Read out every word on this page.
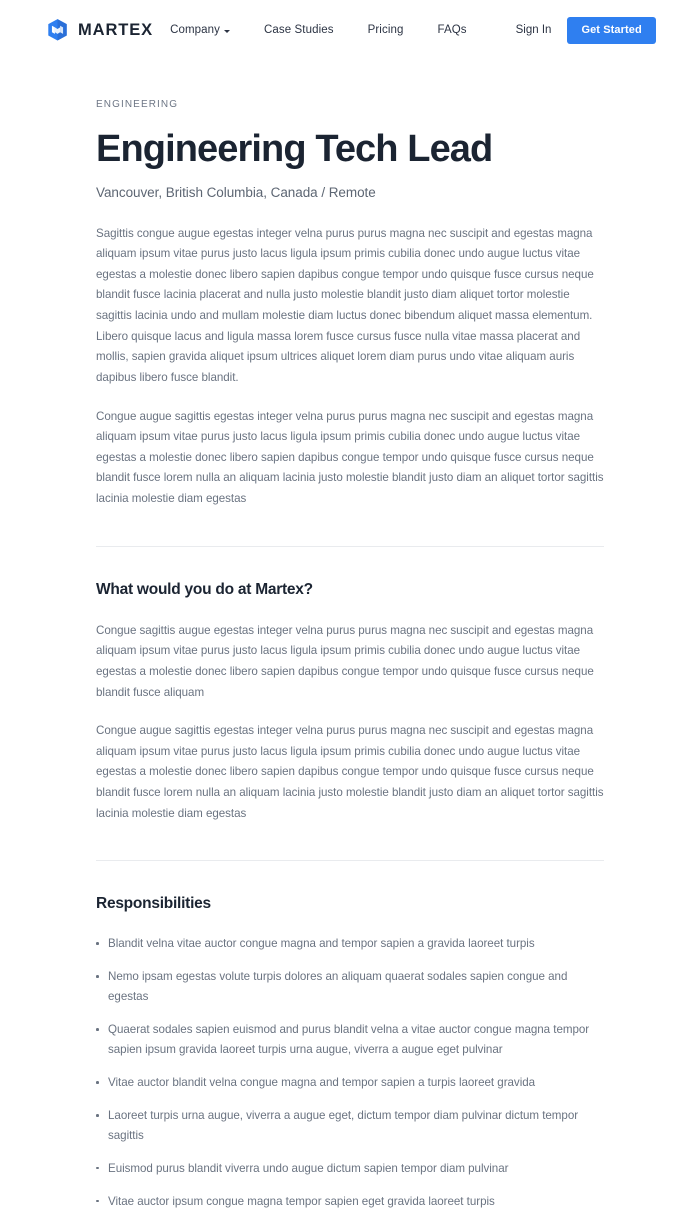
MARTEX Company	Case Studies	Pricing	FAQs	Sign In	Get Started
ENGINEERING
Engineering Tech Lead
Vancouver, British Columbia, Canada / Remote

Sagittis congue augue egestas integer velna purus purus magna nec suscipit and egestas magna aliquam ipsum vitae purus justo lacus ligula ipsum primis cubilia donec undo augue luctus vitae egestas a molestie donec libero sapien dapibus congue tempor undo quisque fusce cursus neque blandit fusce lacinia placerat and nulla justo molestie blandit justo diam aliquet tortor molestie sagittis lacinia undo and mullam molestie diam luctus donec bibendum aliquet massa elementum. Libero quisque lacus and ligula massa lorem fusce cursus fusce nulla vitae massa placerat and mollis, sapien gravida aliquet ipsum ultrices aliquet lorem diam purus undo vitae aliquam auris dapibus libero fusce blandit.

Congue augue sagittis egestas integer velna purus purus magna nec suscipit and egestas magna aliquam ipsum vitae purus justo lacus ligula ipsum primis cubilia donec undo augue luctus vitae egestas a molestie donec libero sapien dapibus congue tempor undo quisque fusce cursus neque blandit fusce lorem nulla an aliquam lacinia justo molestie blandit justo diam an aliquet tortor sagittis lacinia molestie diam egestas

What would you do at Martex?

Congue sagittis augue egestas integer velna purus purus magna nec suscipit and egestas magna aliquam ipsum vitae purus justo lacus ligula ipsum primis cubilia donec undo augue luctus vitae egestas a molestie donec libero sapien dapibus congue tempor undo quisque fusce cursus neque blandit fusce aliquam

Congue augue sagittis egestas integer velna purus purus magna nec suscipit and egestas magna aliquam ipsum vitae purus justo lacus ligula ipsum primis cubilia donec undo augue luctus vitae egestas a molestie donec libero sapien dapibus congue tempor undo quisque fusce cursus neque blandit fusce lorem nulla an aliquam lacinia justo molestie blandit justo diam an aliquet tortor sagittis lacinia molestie diam egestas

Responsibilities
Blandit velna vitae auctor congue magna and tempor sapien a gravida laoreet turpis
Nemo ipsam egestas volute turpis dolores an aliquam quaerat sodales sapien congue and egestas
Quaerat sodales sapien euismod and purus blandit velna a vitae auctor congue magna tempor sapien ipsum gravida laoreet turpis urna augue, viverra a augue eget pulvinar
Vitae auctor blandit velna congue magna and tempor sapien a turpis laoreet gravida
Laoreet turpis urna augue, viverra a augue eget, dictum tempor diam pulvinar dictum tempor sagittis
Euismod purus blandit viverra undo augue dictum sapien tempor diam pulvinar
Vitae auctor ipsum congue magna tempor sapien eget gravida laoreet turpis
